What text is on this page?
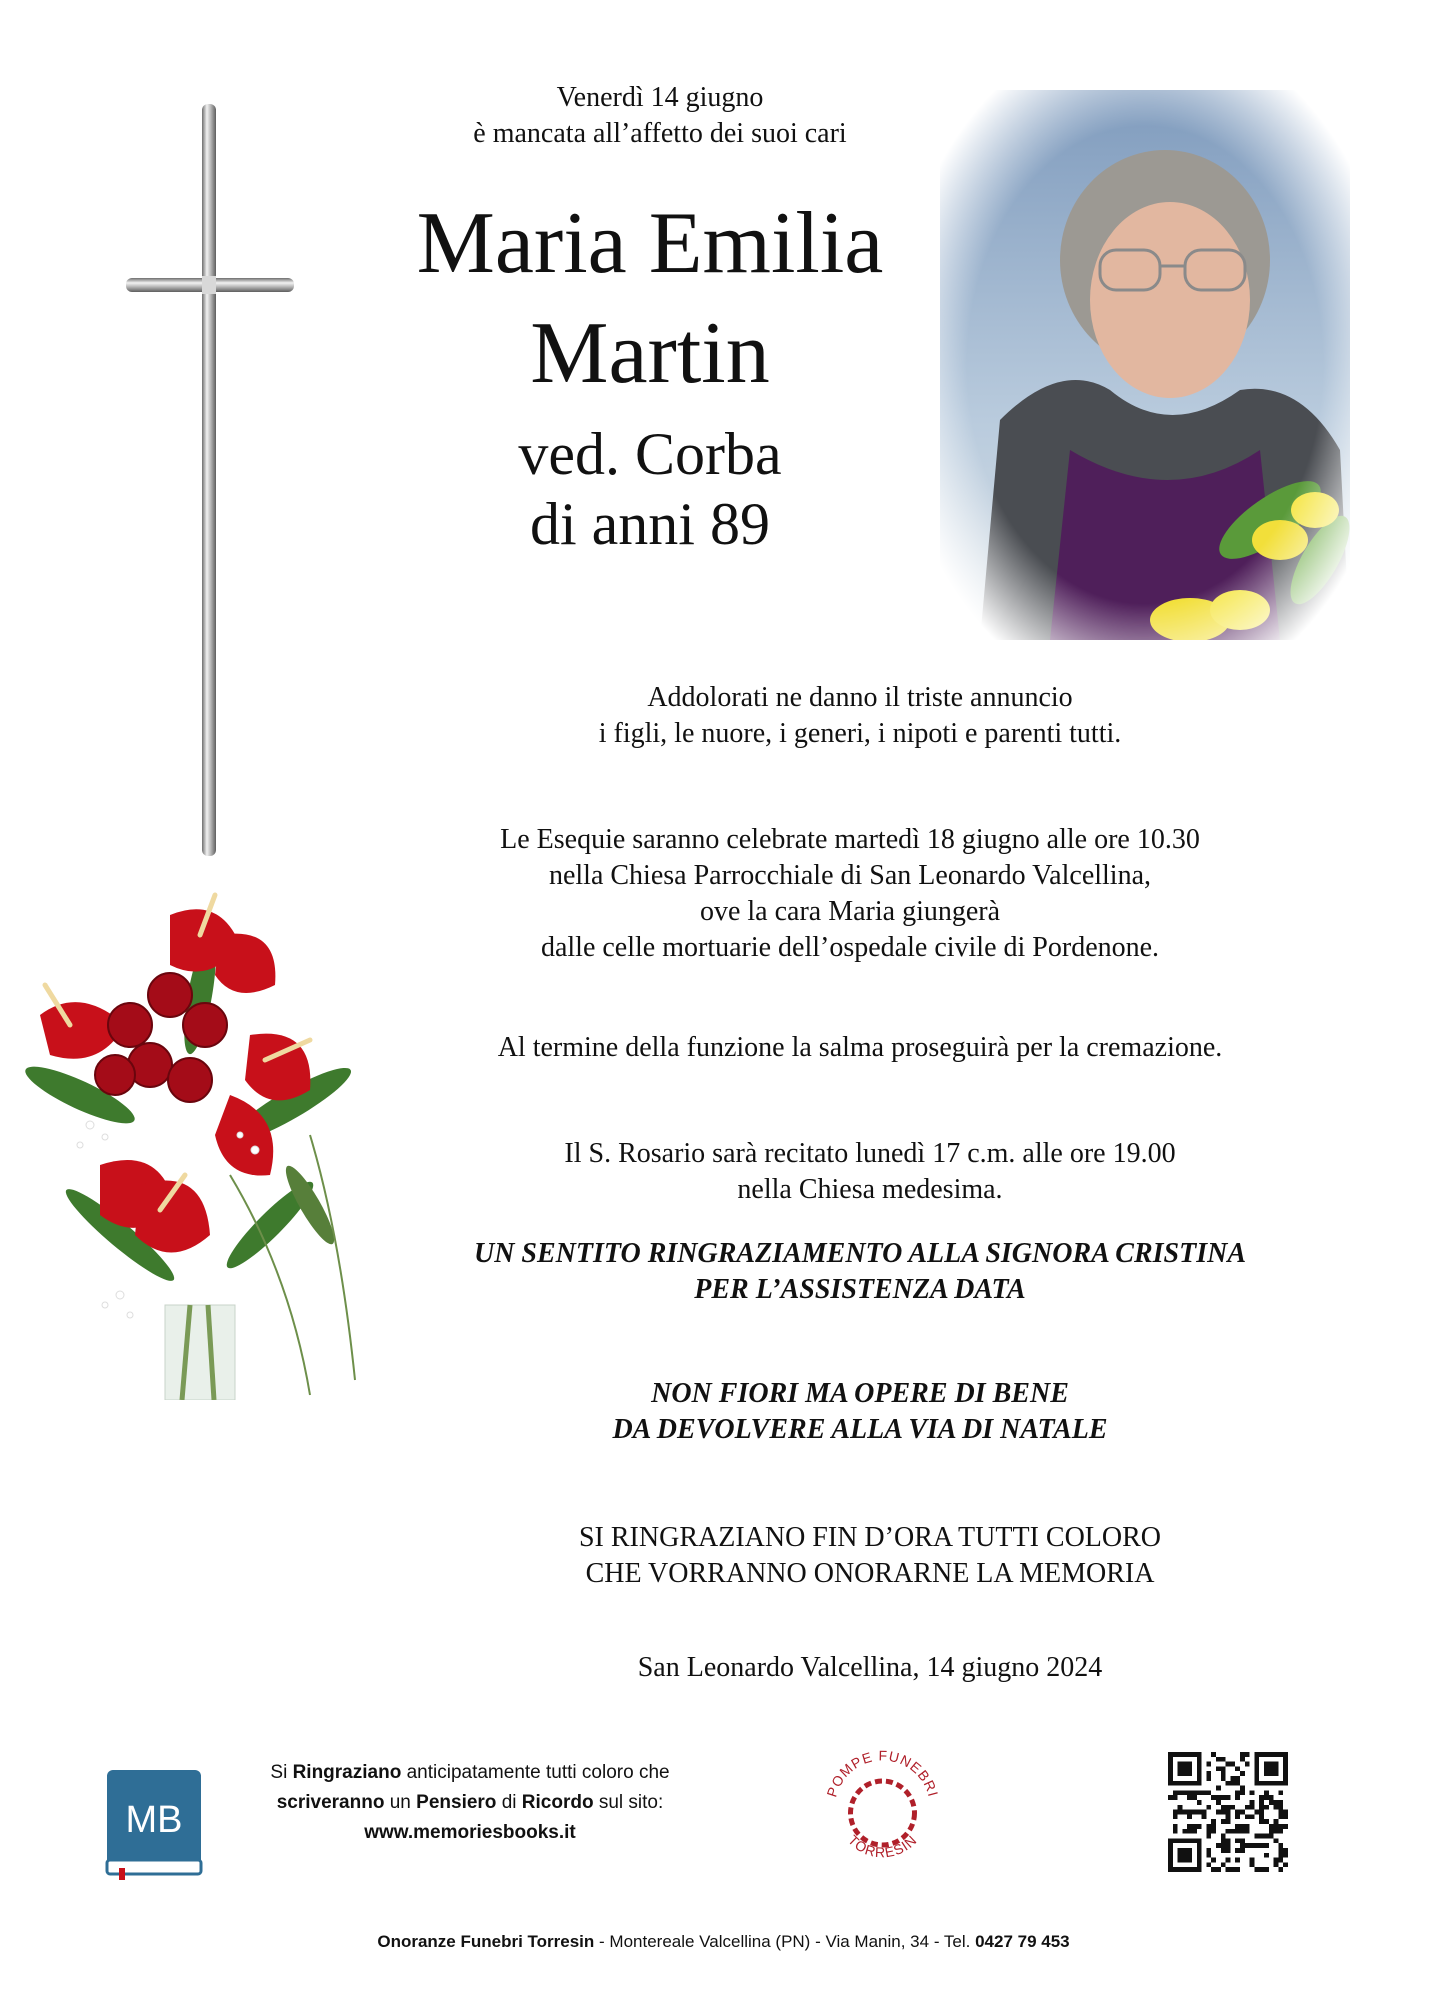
Venerdì 14 giugno
è mancata all’affetto dei suoi cari
Maria Emilia
Martin
ved. Corba
di anni 89
Addolorati ne danno il triste annuncio
i figli, le nuore, i generi, i nipoti e parenti tutti.
Le Esequie saranno celebrate martedì 18 giugno alle ore 10.30
nella Chiesa Parrocchiale di San Leonardo Valcellina,
ove la cara Maria giungerà
dalle celle mortuarie dell’ospedale civile di Pordenone.
Al termine della funzione la salma proseguirà per la cremazione.
Il S. Rosario sarà recitato lunedì 17 c.m. alle ore 19.00
nella Chiesa medesima.
UN SENTITO RINGRAZIAMENTO ALLA SIGNORA CRISTINA
PER L’ASSISTENZA DATA
NON FIORI MA OPERE DI BENE
DA DEVOLVERE ALLA VIA DI NATALE
SI RINGRAZIANO FIN D’ORA TUTTI COLORO
CHE VORRANNO ONORARNE LA MEMORIA
San Leonardo Valcellina, 14 giugno 2024
MB
Si Ringraziano anticipatamente tutti coloro che
scriveranno un Pensiero di Ricordo sul sito:
www.memoriesbooks.it
POMPE FUNEBRI
TORRESIN
Onoranze Funebri Torresin - Montereale Valcellina (PN) - Via Manin, 34 - Tel. 0427 79 453
